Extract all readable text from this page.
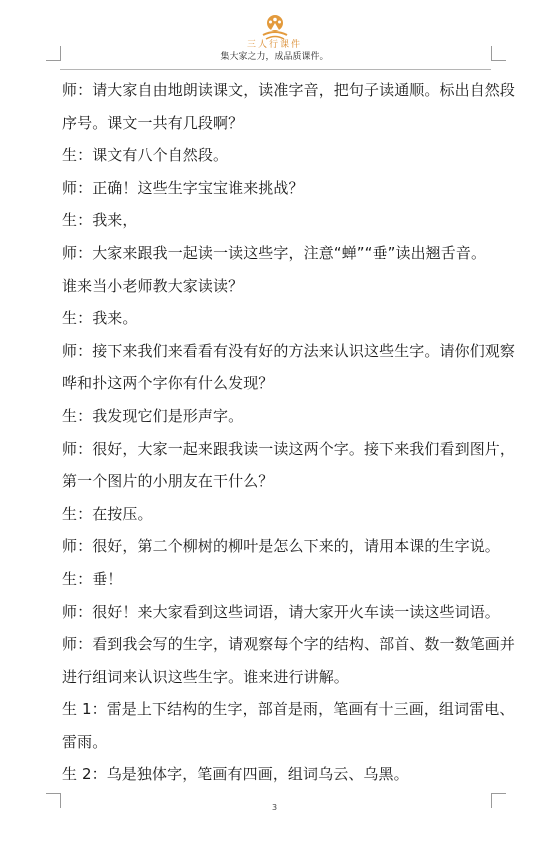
三人行课件
集大家之力，成品质课件。
师：请大家自由地朗读课文，读准字音，把句子读通顺。标出自然段
序号。课文一共有几段啊？
生：课文有八个自然段。
师：正确！这些生字宝宝谁来挑战？
生：我来，
师：大家来跟我一起读一读这些字，注意“蝉”“垂”读出翘舌音。
谁来当小老师教大家读读？
生：我来。
师：接下来我们来看看有没有好的方法来认识这些生字。请你们观察
哗和扑这两个字你有什么发现？
生：我发现它们是形声字。
师：很好，大家一起来跟我读一读这两个字。接下来我们看到图片，
第一个图片的小朋友在干什么？
生：在按压。
师：很好，第二个柳树的柳叶是怎么下来的，请用本课的生字说。
生：垂！
师：很好！来大家看到这些词语，请大家开火车读一读这些词语。
师：看到我会写的生字，请观察每个字的结构、部首、数一数笔画并
进行组词来认识这些生字。谁来进行讲解。
生 1：雷是上下结构的生字，部首是雨，笔画有十三画，组词雷电、
雷雨。
生 2：乌是独体字，笔画有四画，组词乌云、乌黑。
3
